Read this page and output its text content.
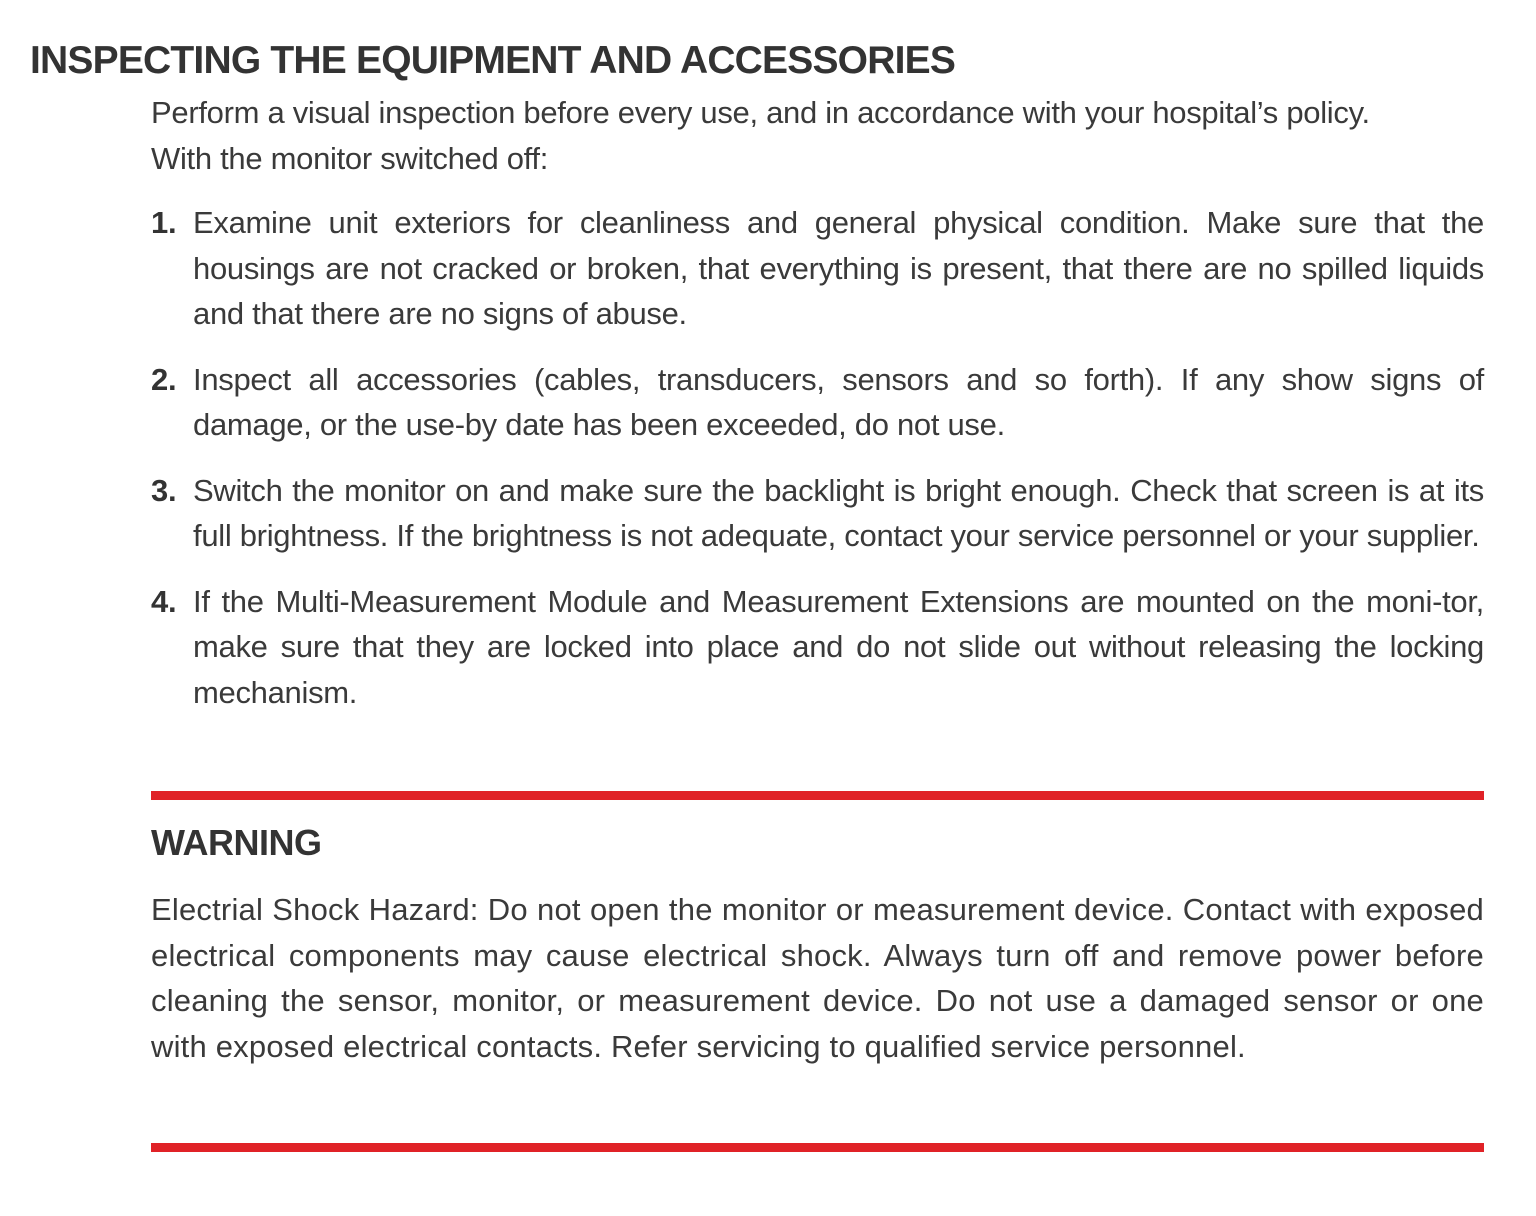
INSPECTING THE EQUIPMENT AND ACCESSORIES

Perform a visual inspection before every use, and in accordance with your hospital’s policy.
With the monitor switched off:

1. Examine unit exteriors for cleanliness and general physical condition. Make sure that the housings are not cracked or broken, that everything is present, that there are no spilled liquids and that there are no signs of abuse.
2. Inspect all accessories (cables, transducers, sensors and so forth). If any show signs of damage, or the use-by date has been exceeded, do not use.
3. Switch the monitor on and make sure the backlight is bright enough. Check that screen is at its full brightness. If the brightness is not adequate, contact your service personnel or your supplier.
4. If the Multi-Measurement Module and Measurement Extensions are mounted on the moni-tor, make sure that they are locked into place and do not slide out without releasing the locking mechanism.
WARNING

Electrial Shock Hazard: Do not open the monitor or measurement device. Contact with exposed electrical components may cause electrical shock. Always turn off and remove power before cleaning the sensor, monitor, or measurement device. Do not use a damaged sensor or one with exposed electrical contacts. Refer servicing to qualified service personnel.
